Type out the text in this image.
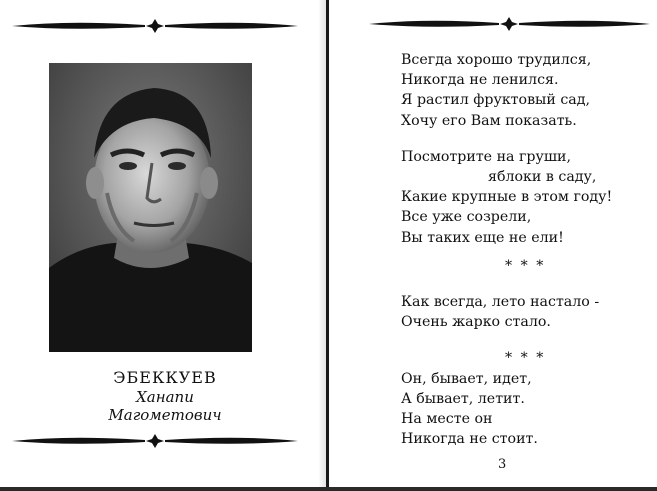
ЭБЕККУЕВ
Ханапи Магометович
Всегда хорошо трудился,
Никогда не ленился.
Я растил фруктовый сад,
Хочу его Вам показать.
Посмотрите на груши,
яблоки в саду,
Какие крупные в этом году!
Все уже созрели,
Вы таких еще не ели!
* * *
Как всегда, лето настало -
Очень жарко стало.
* * *
Он, бывает, идет,
А бывает, летит.
На месте он
Никогда не стоит.
3
